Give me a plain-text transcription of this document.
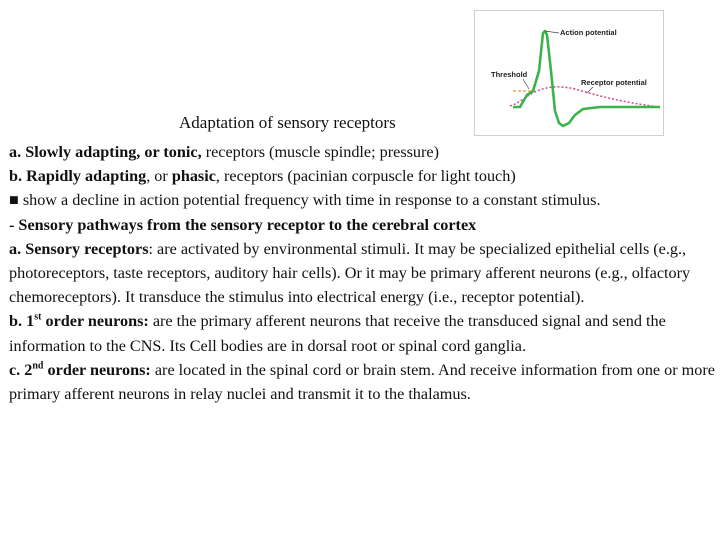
Action potential
Threshold
Receptor potential
Adaptation of sensory receptors

a. Slowly adapting, or tonic, receptors (muscle spindle; pressure)

b. Rapidly adapting, or phasic, receptors (pacinian corpuscle for light touch)

■ show a decline in action potential frequency with time in response to a constant stimulus.

- Sensory pathways from the sensory receptor to the cerebral cortex

a. Sensory receptors: are activated by environmental stimuli. It may be specialized epithelial cells (e.g., photoreceptors, taste receptors, auditory hair cells). Or it may be primary afferent neurons (e.g., olfactory chemoreceptors). It transduce the stimulus into electrical energy (i.e., receptor potential).

b. 1st order neurons: are the primary afferent neurons that receive the transduced signal and send the information to the CNS. Its Cell bodies are in dorsal root or spinal cord ganglia.

c. 2nd order neurons: are located in the spinal cord or brain stem. And receive information from one or more primary afferent neurons in relay nuclei and transmit it to the thalamus.
